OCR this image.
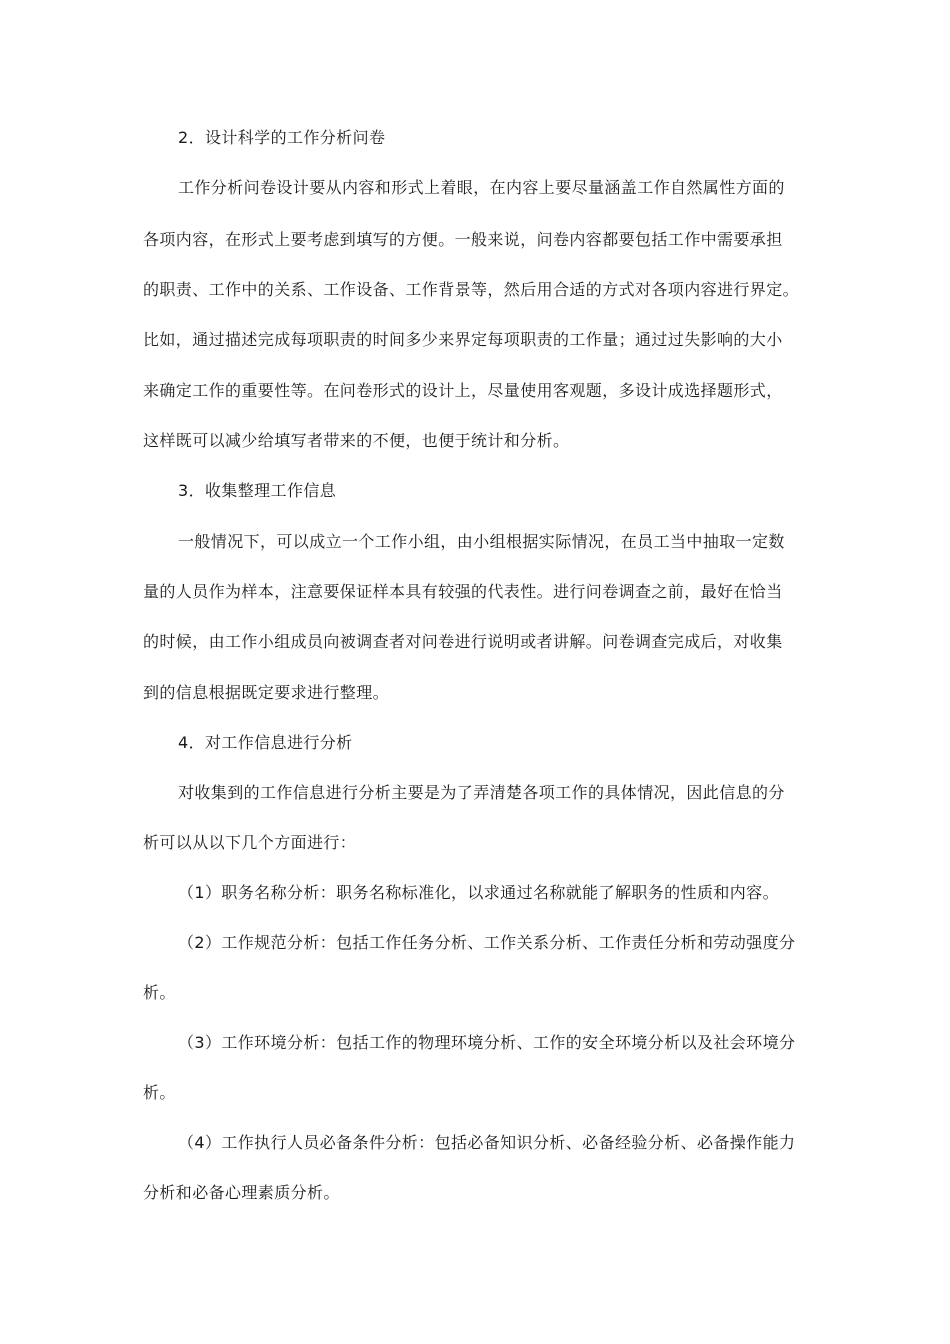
2．设计科学的工作分析问卷
工作分析问卷设计要从内容和形式上着眼，在内容上要尽量涵盖工作自然属性方面的
各项内容，在形式上要考虑到填写的方便。一般来说，问卷内容都要包括工作中需要承担
的职责、工作中的关系、工作设备、工作背景等，然后用合适的方式对各项内容进行界定。
比如，通过描述完成每项职责的时间多少来界定每项职责的工作量；通过过失影响的大小
来确定工作的重要性等。在问卷形式的设计上，尽量使用客观题，多设计成选择题形式，
这样既可以减少给填写者带来的不便，也便于统计和分析。
3．收集整理工作信息
一般情况下，可以成立一个工作小组，由小组根据实际情况，在员工当中抽取一定数
量的人员作为样本，注意要保证样本具有较强的代表性。进行问卷调查之前，最好在恰当
的时候，由工作小组成员向被调查者对问卷进行说明或者讲解。问卷调查完成后，对收集
到的信息根据既定要求进行整理。
4．对工作信息进行分析
对收集到的工作信息进行分析主要是为了弄清楚各项工作的具体情况，因此信息的分
析可以从以下几个方面进行：
（1）职务名称分析：职务名称标准化，以求通过名称就能了解职务的性质和内容。
（2）工作规范分析：包括工作任务分析、工作关系分析、工作责任分析和劳动强度分
析。
（3）工作环境分析：包括工作的物理环境分析、工作的安全环境分析以及社会环境分
析。
（4）工作执行人员必备条件分析：包括必备知识分析、必备经验分析、必备操作能力
分析和必备心理素质分析。
